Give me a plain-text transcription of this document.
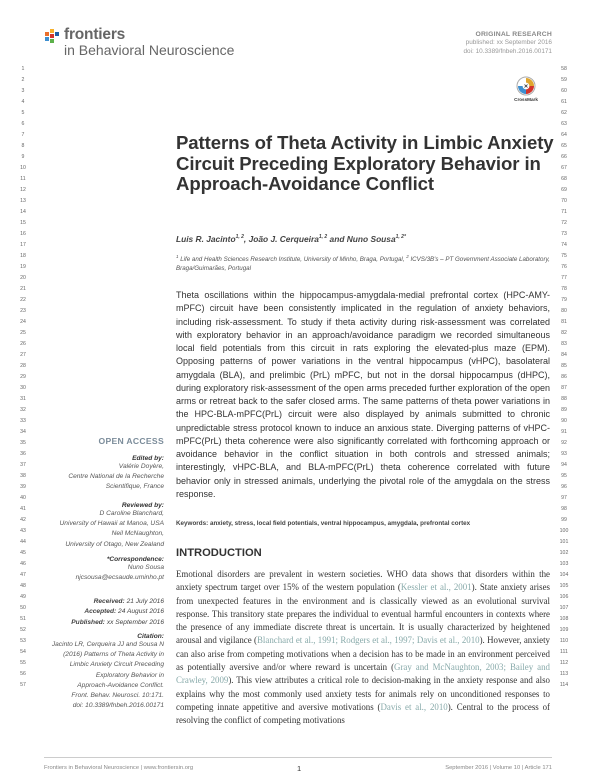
frontiers
in Behavioral Neuroscience
ORIGINAL RESEARCH
published: xx September 2016
doi: 10.3389/fnbeh.2016.00171
CrossMark
1
2
3
4
5
6
7
8
9
10
11
12
13
14
15
16
17
18
19
20
21
22
23
24
25
26
27
28
29
30
31
32
33
34
35
36
37
38
39
40
41
42
43
44
45
46
47
48
49
50
51
52
53
54
55
56
57
58
59
60
61
62
63
64
65
66
67
68
69
70
71
72
73
74
75
76
77
78
79
80
81
82
83
84
85
86
87
88
89
90
91
92
93
94
95
96
97
98
99
100
101
102
103
104
105
106
107
108
109
110
111
112
113
114
Patterns of Theta Activity in Limbic Anxiety Circuit Preceding Exploratory Behavior in Approach-Avoidance Conflict
Luis R. Jacinto$^{1, 2}$, João J. Cerqueira$^{1, 2}$ and Nuno Sousa$^{1, 2*}$
$^1$ Life and Health Sciences Research Institute, University of Minho, Braga, Portugal, $^2$ ICVS/3B's – PT Government Associate Laboratory, Braga/Guimarães, Portugal

Theta oscillations within the hippocampus-amygdala-medial prefrontal cortex (HPC-AMY-mPFC) circuit have been consistently implicated in the regulation of anxiety behaviors, including risk-assessment. To study if theta activity during risk-assessment was correlated with exploratory behavior in an approach/avoidance paradigm we recorded simultaneous local field potentials from this circuit in rats exploring the elevated-plus maze (EPM). Opposing patterns of power variations in the ventral hippocampus (vHPC), basolateral amygdala (BLA), and prelimbic (PrL) mPFC, but not in the dorsal hippocampus (dHPC), during exploratory risk-assessment of the open arms preceded further exploration of the open arms or retreat back to the safer closed arms. The same patterns of theta power variations in the HPC-BLA-mPFC(PrL) circuit were also displayed by animals submitted to chronic unpredictable stress protocol known to induce an anxious state. Diverging patterns of vHPC-mPFC(PrL) theta coherence were also significantly correlated with forthcoming approach or avoidance behavior in the conflict situation in both controls and stressed animals; interestingly, vHPC-BLA, and BLA-mPFC(PrL) theta coherence correlated with future behavior only in stressed animals, underlying the pivotal role of the amygdala on the stress response.

Keywords: anxiety, stress, local field potentials, ventral hippocampus, amygdala, prefrontal cortex

INTRODUCTION

Emotional disorders are prevalent in western societies. WHO data shows that disorders within the anxiety spectrum target over 15% of the western population (Kessler et al., 2001). State anxiety arises from unexpected features in the environment and is classically viewed as an evolutional survival response. This transitory state prepares the individual to eventual harmful encounters in contexts where the presence of any immediate discrete threat is uncertain. It is usually characterized by heightened arousal and vigilance (Blanchard et al., 1991; Rodgers et al., 1997; Davis et al., 2010). However, anxiety can also arise from competing motivations when a decision has to be made in an environment perceived as potentially aversive and/or where reward is uncertain (Gray and McNaughton, 2003; Bailey and Crawley, 2009). This view attributes a critical role to decision-making in the anxiety response and also explains why the most commonly used anxiety tests for animals rely on unconditioned responses to competing innate appetitive and aversive motivations (Davis et al., 2010). Central to the process of resolving the conflict of competing motivations

OPEN ACCESS
Edited by:
Valérie Doyère,
Centre National de la Recherche
Scientifique, France
Reviewed by:
D Caroline Blanchard,
University of Hawaii at Manoa, USA
Neil McNaughton,
University of Otago, New Zealand
*Correspondence:
Nuno Sousa
njcsousa@ecsaude.uminho.pt
Received: 21 July 2016
Accepted: 24 August 2016
Published: xx September 2016
Citation:
Jacinto LR, Cerqueira JJ and Sousa N
(2016) Patterns of Theta Activity in
Limbic Anxiety Circuit Preceding
Exploratory Behavior in
Approach-Avoidance Conflict.
Front. Behav. Neurosci. 10:171.
doi: 10.3389/fnbeh.2016.00171
Frontiers in Behavioral Neuroscience | www.frontiersin.org	1	September 2016 | Volume 10 | Article 171
